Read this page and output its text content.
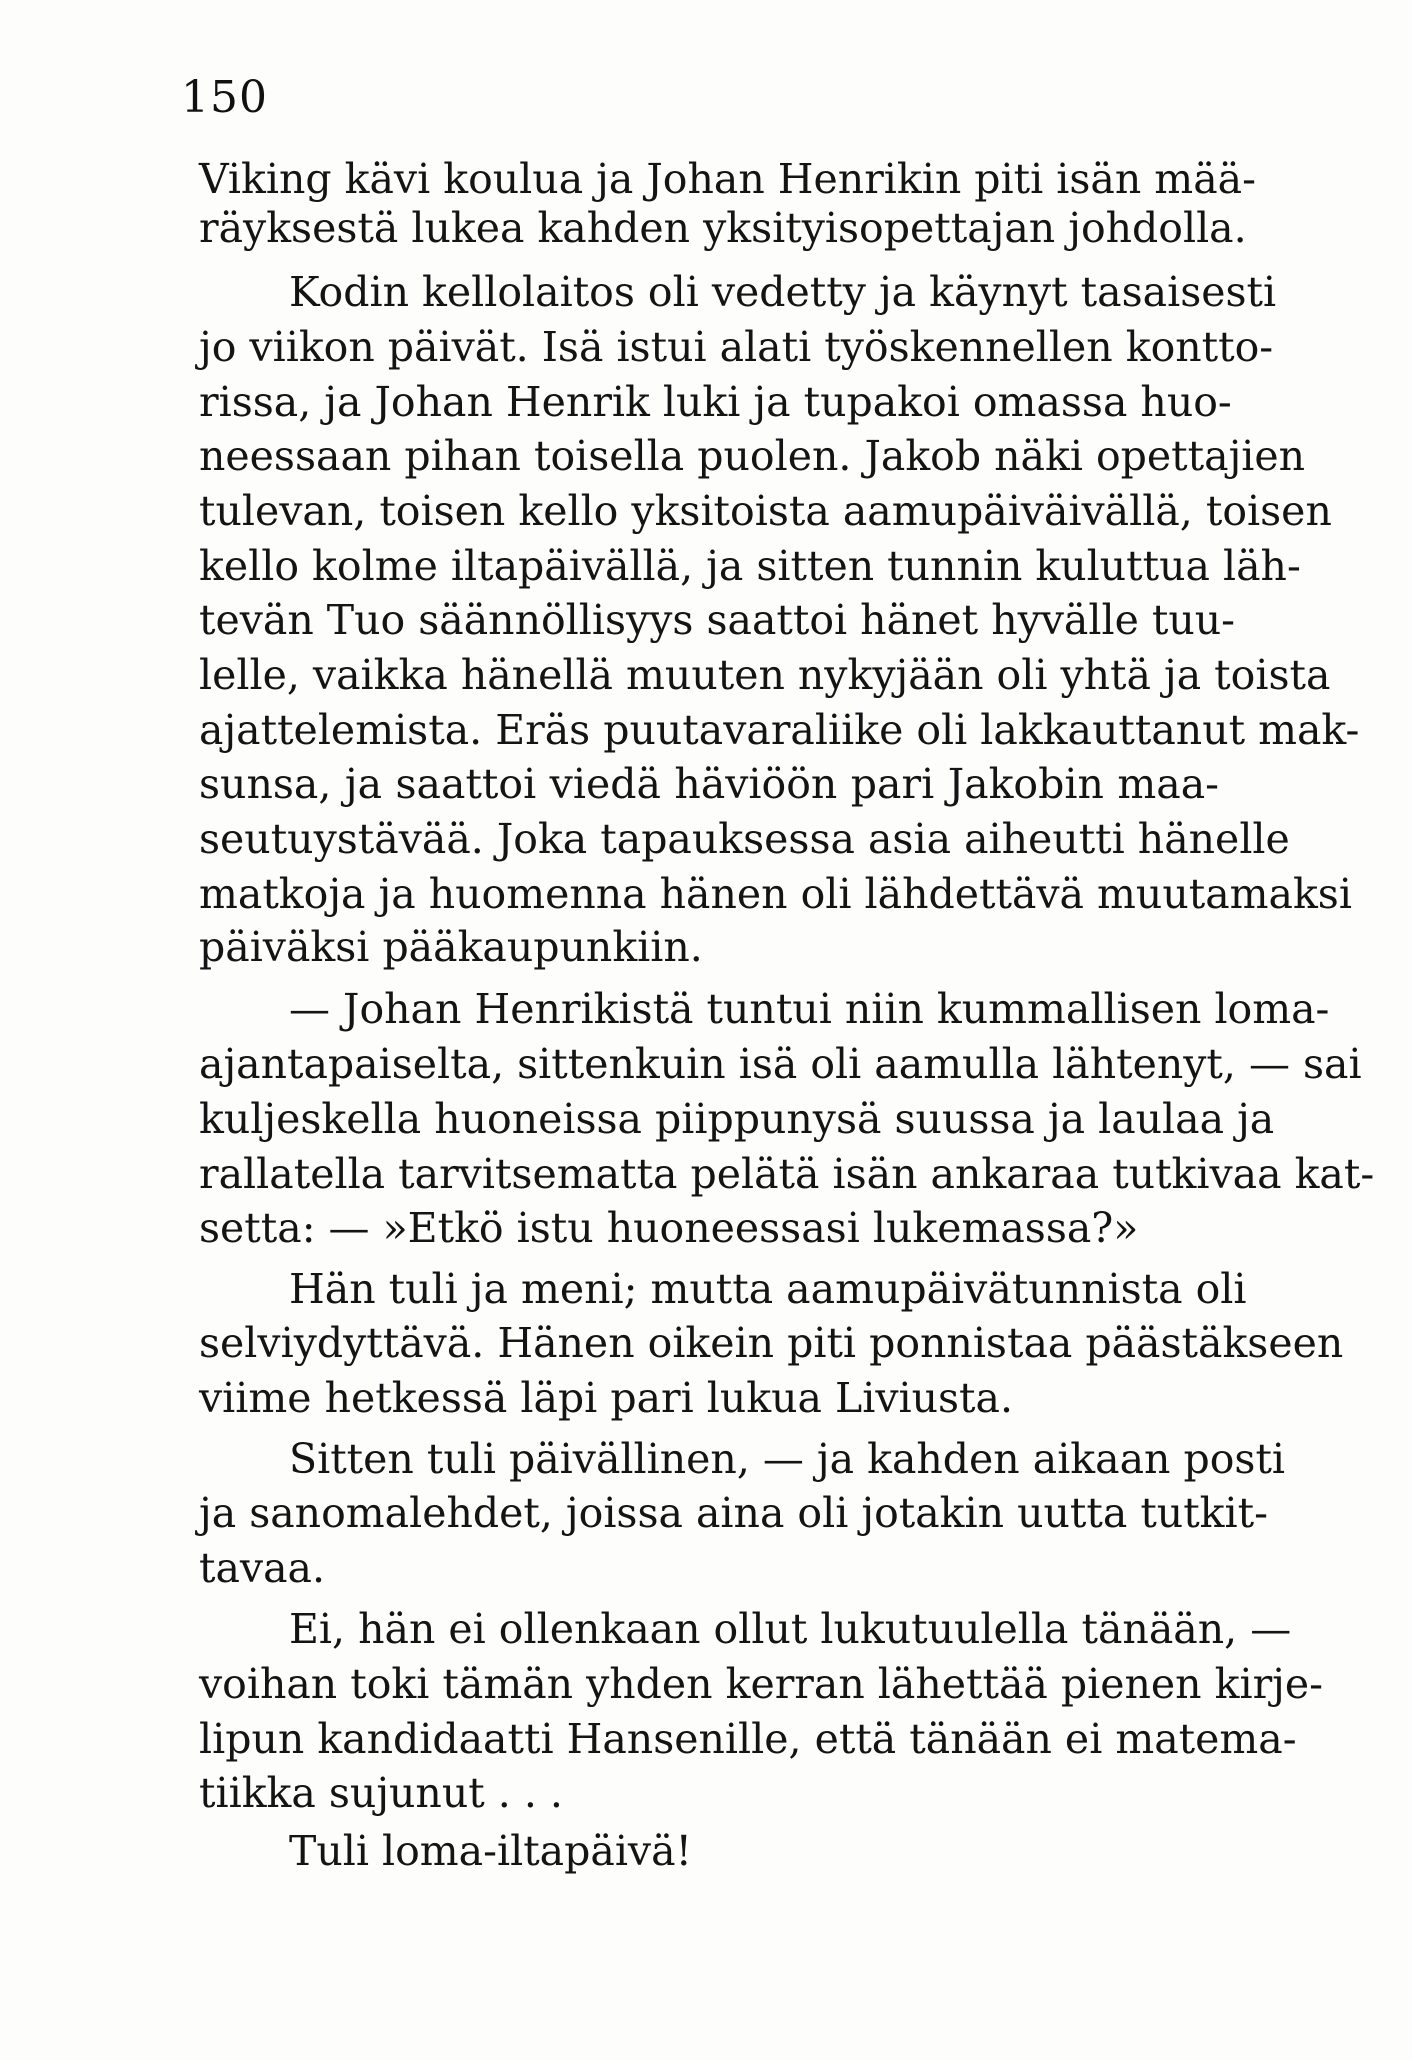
150
Viking kävi koulua ja Johan Henrikin piti isän mää-
räyksestä lukea kahden yksityisopettajan johdolla.
Kodin kellolaitos oli vedetty ja käynyt tasaisesti
jo viikon päivät. Isä istui alati työskennellen kontto-
rissa, ja Johan Henrik luki ja tupakoi omassa huo-
neessaan pihan toisella puolen. Jakob näki opettajien
tulevan, toisen kello yksitoista aamupäiväivällä, toisen
kello kolme iltapäivällä, ja sitten tunnin kuluttua läh-
tevän Tuo säännöllisyys saattoi hänet hyvälle tuu-
lelle, vaikka hänellä muuten nykyjään oli yhtä ja toista
ajattelemista. Eräs puutavaraliike oli lakkauttanut mak-
sunsa, ja saattoi viedä häviöön pari Jakobin maa-
seutuystävää. Joka tapauksessa asia aiheutti hänelle
matkoja ja huomenna hänen oli lähdettävä muutamaksi
päiväksi pääkaupunkiin.
— Johan Henrikistä tuntui niin kummallisen loma-
ajantapaiselta, sittenkuin isä oli aamulla lähtenyt, — sai
kuljeskella huoneissa piippunysä suussa ja laulaa ja
rallatella tarvitsematta pelätä isän ankaraa tutkivaa kat-
settа: — »Etkö istu huoneessasi lukemassa?»
Hän tuli ja meni; mutta aamupäivätunnista oli
selviydyttävä. Hänen oikein piti ponnistaa päästäkseen
viime hetkessä läpi pari lukua Liviusta.
Sitten tuli päivällinen, — ja kahden aikaan posti
ja sanomalehdet, joissa aina oli jotakin uutta tutkit-
tavaa.
Ei, hän ei ollenkaan ollut lukutuulella tänään, —
voihan toki tämän yhden kerran lähettää pienen kirje-
lipun kandidaatti Hansenille, että tänään ei matema-
tiikka sujunut . . .
Tuli loma-iltapäivä!
